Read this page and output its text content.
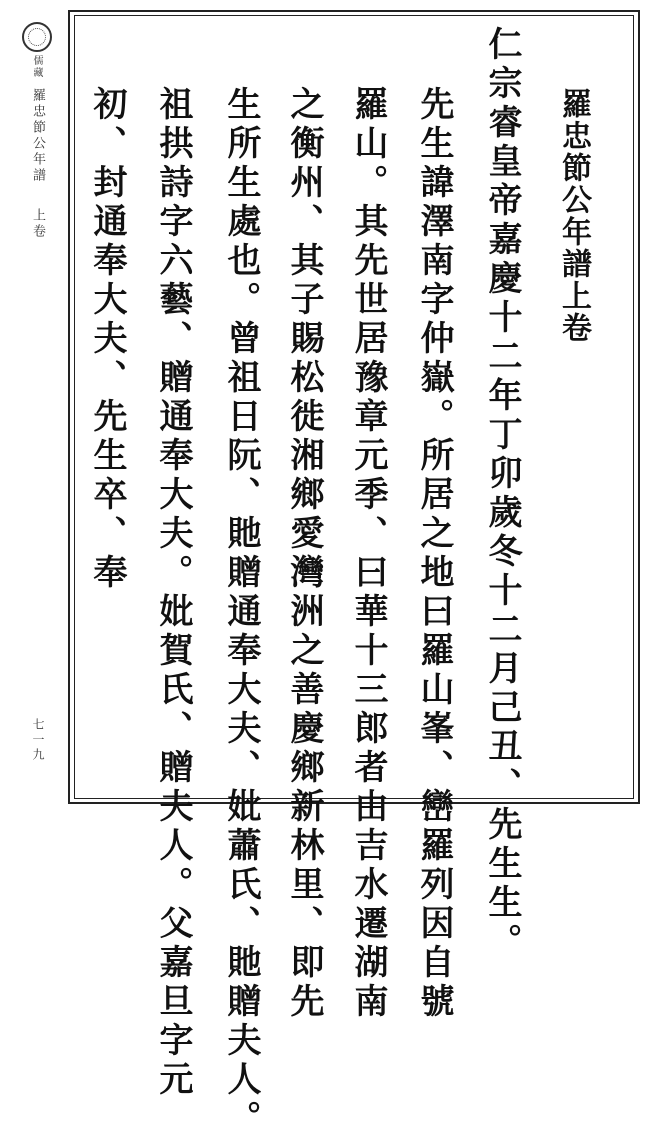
儒藏
羅忠節公年譜
上卷
七一九
羅忠節公年譜上卷
仁宗睿皇帝嘉慶十二年丁卯歲冬十二月己丑、先生生。
先生諱澤南字仲嶽。所居之地曰羅山峯、巒羅列因自號
羅山。其先世居豫章元季、曰華十三郎者由吉水遷湖南
之衡州、其子賜松徙湘鄉愛灣洲之善慶鄉新林里、即先
生所生處也。曾祖日阮、貤贈通奉大夫、妣蕭氏、貤贈夫人。
祖拱詩字六藝、贈通奉大夫。妣賀氏、贈夫人。父嘉旦字元
初、封通奉大夫、先生卒、奉
